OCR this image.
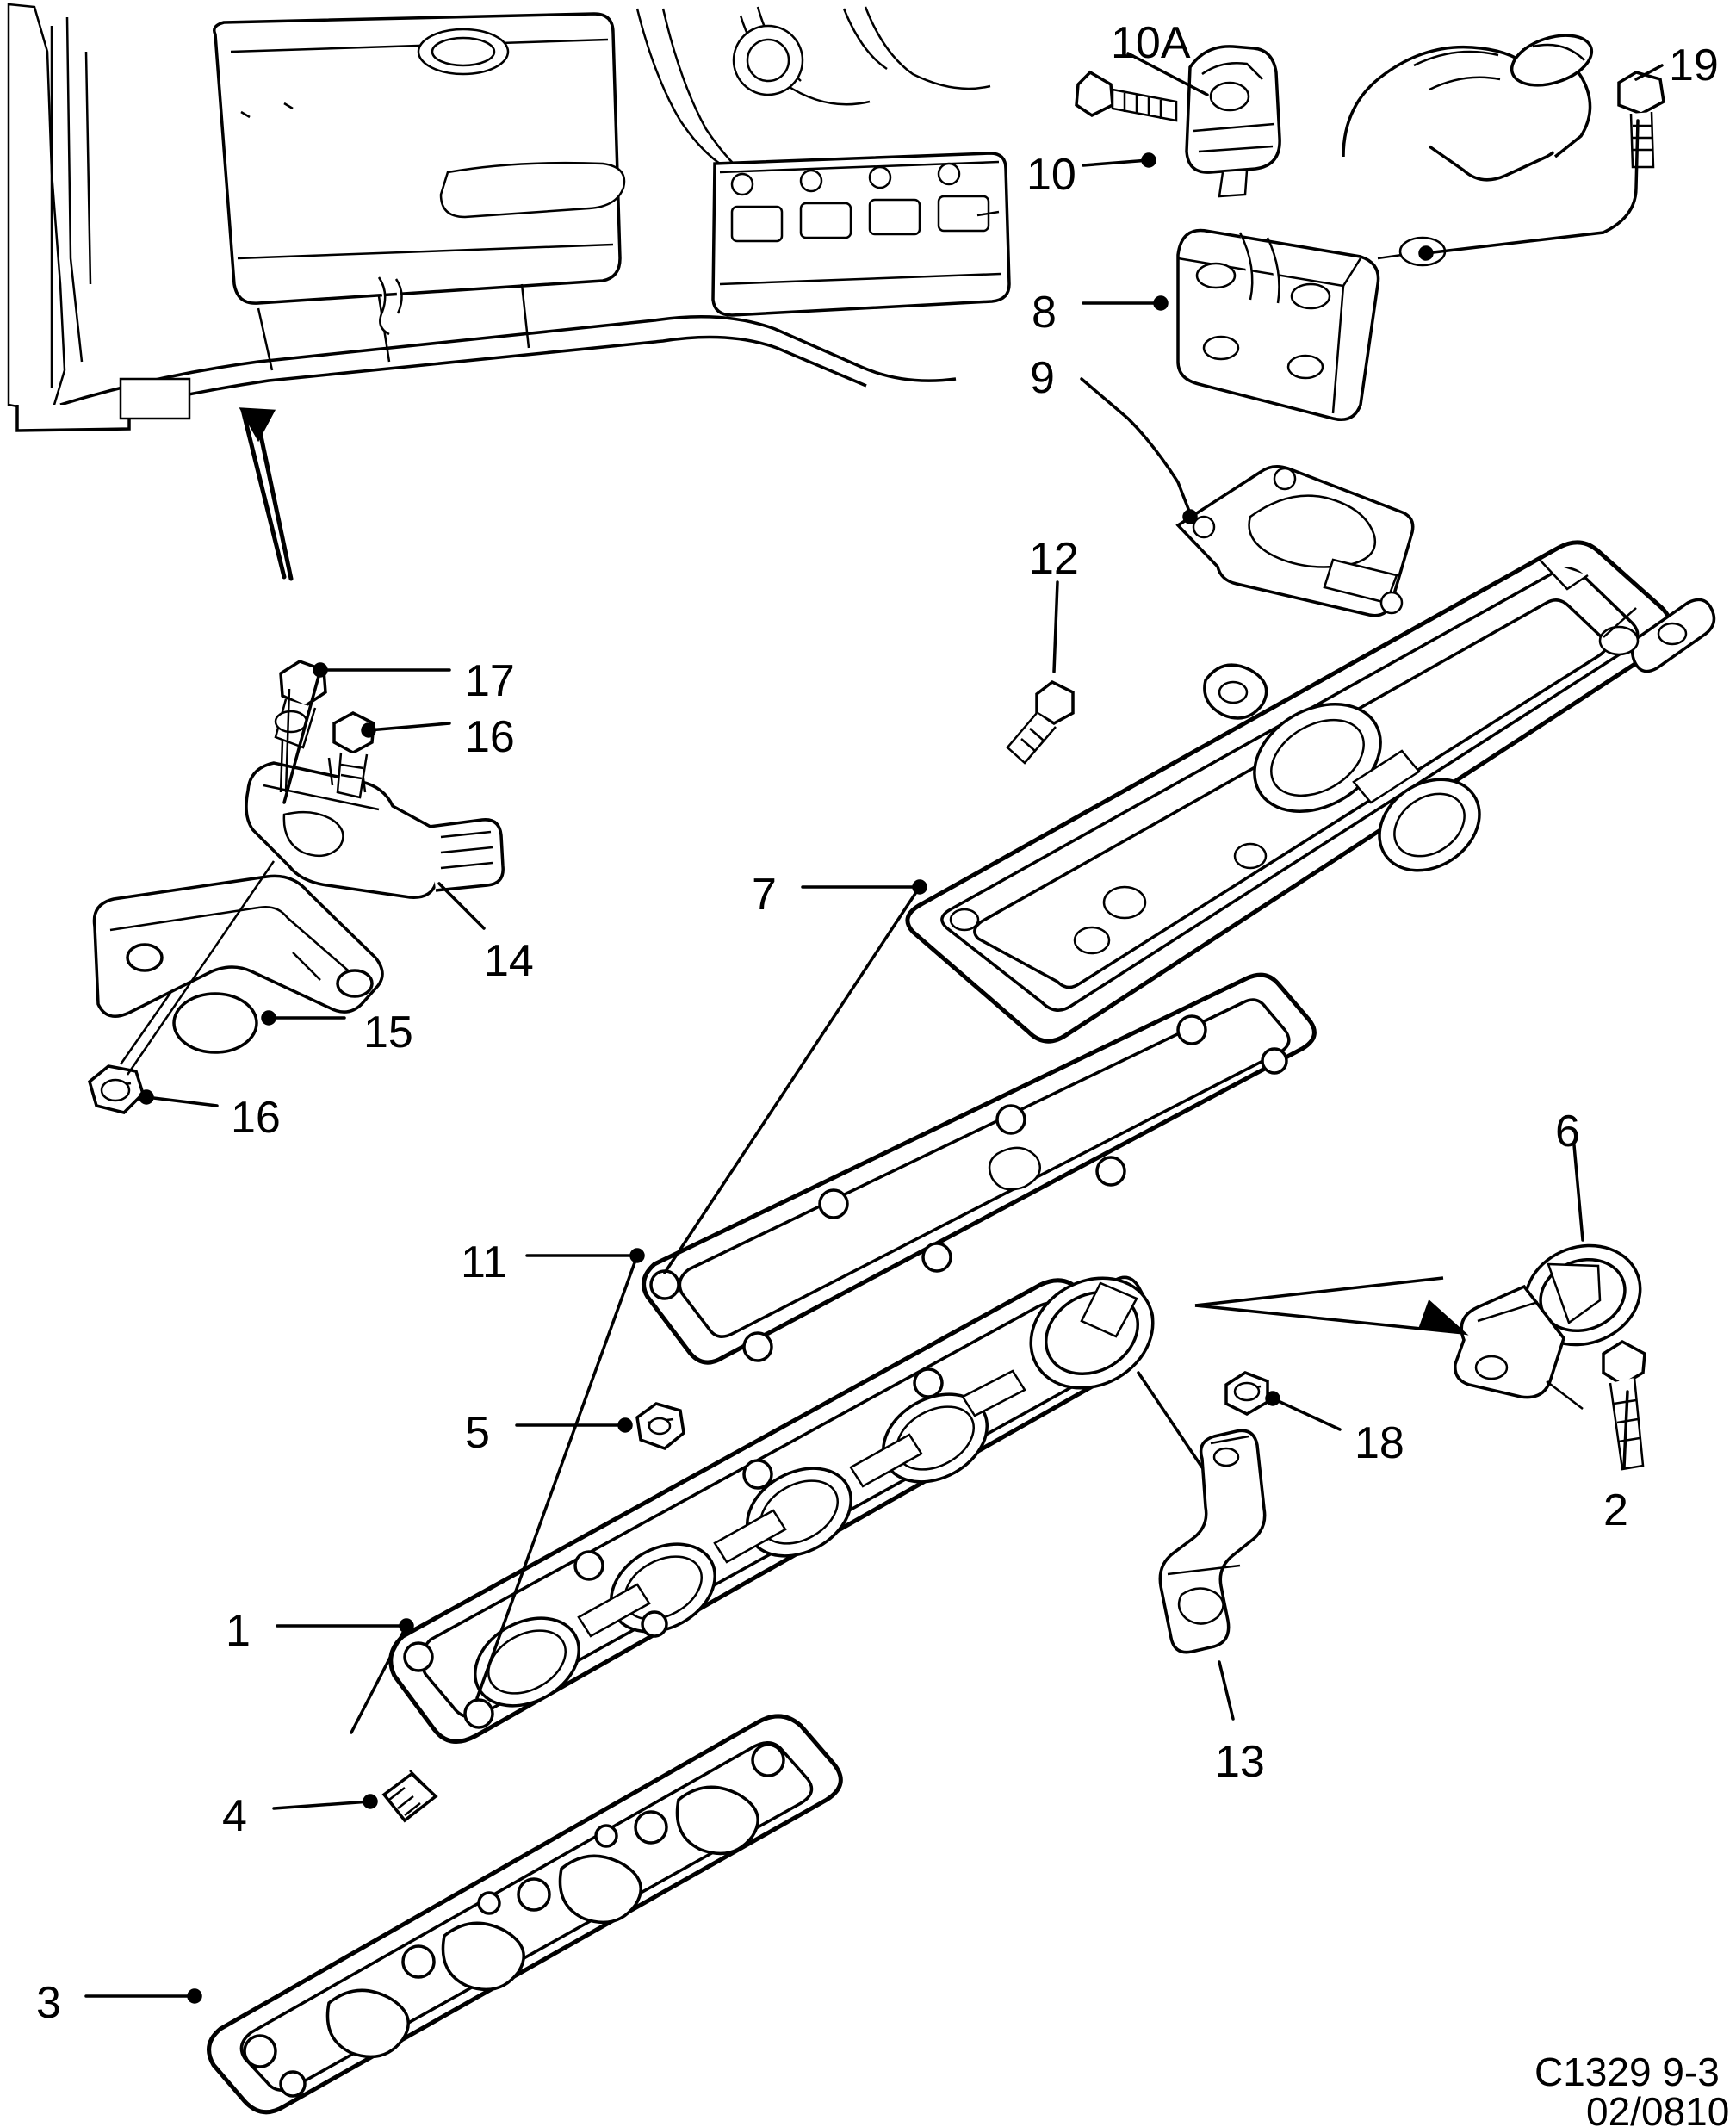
1
2
3
4
5
6
7
8
9
10
10A
11
12
13
14
15
16
16
17
18
19
C1329 9-3
02/0810
